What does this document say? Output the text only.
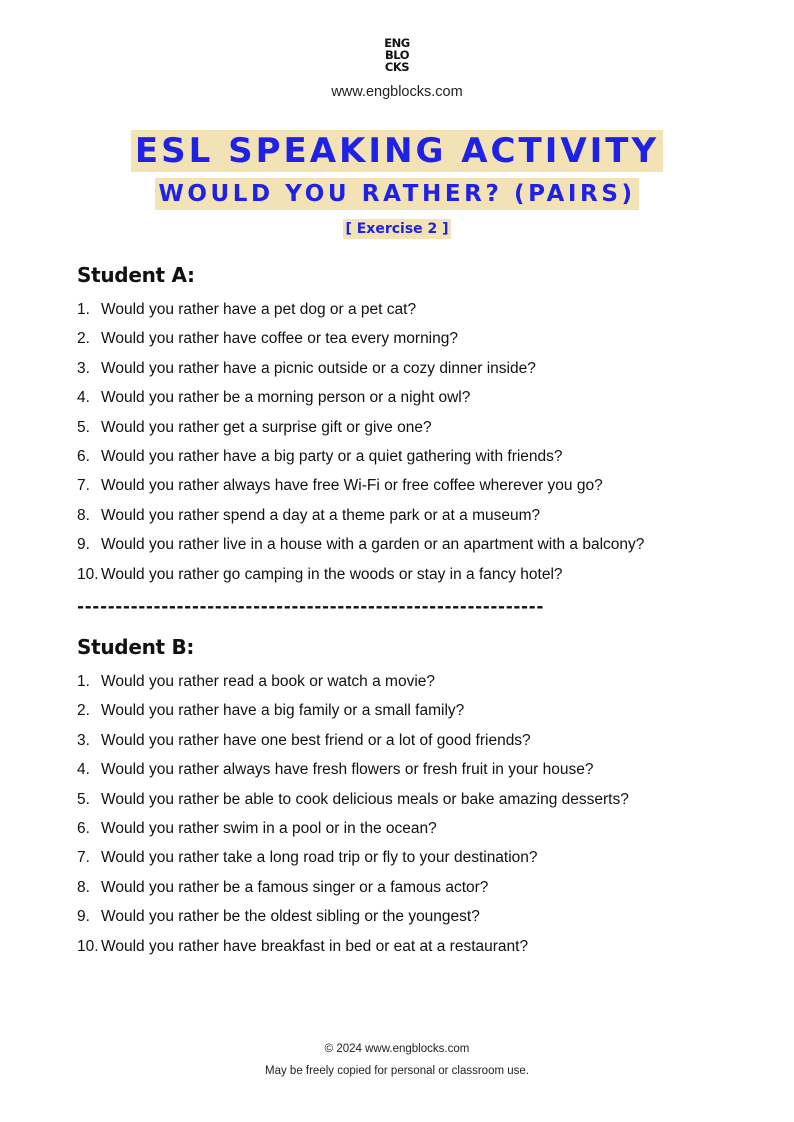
ENG
BLO
CKS
www.engblocks.com
ESL SPEAKING ACTIVITY
WOULD YOU RATHER? (PAIRS)
[ Exercise 2 ]
Student A:
1. Would you rather have a pet dog or a pet cat?
2. Would you rather have coffee or tea every morning?
3. Would you rather have a picnic outside or a cozy dinner inside?
4. Would you rather be a morning person or a night owl?
5. Would you rather get a surprise gift or give one?
6. Would you rather have a big party or a quiet gathering with friends?
7. Would you rather always have free Wi-Fi or free coffee wherever you go?
8. Would you rather spend a day at a theme park or at a museum?
9. Would you rather live in a house with a garden or an apartment with a balcony?
10. Would you rather go camping in the woods or stay in a fancy hotel?
-------------------------------------------------------------
Student B:
1. Would you rather read a book or watch a movie?
2. Would you rather have a big family or a small family?
3. Would you rather have one best friend or a lot of good friends?
4. Would you rather always have fresh flowers or fresh fruit in your house?
5. Would you rather be able to cook delicious meals or bake amazing desserts?
6. Would you rather swim in a pool or in the ocean?
7. Would you rather take a long road trip or fly to your destination?
8. Would you rather be a famous singer or a famous actor?
9. Would you rather be the oldest sibling or the youngest?
10. Would you rather have breakfast in bed or eat at a restaurant?
© 2024 www.engblocks.com
May be freely copied for personal or classroom use.
